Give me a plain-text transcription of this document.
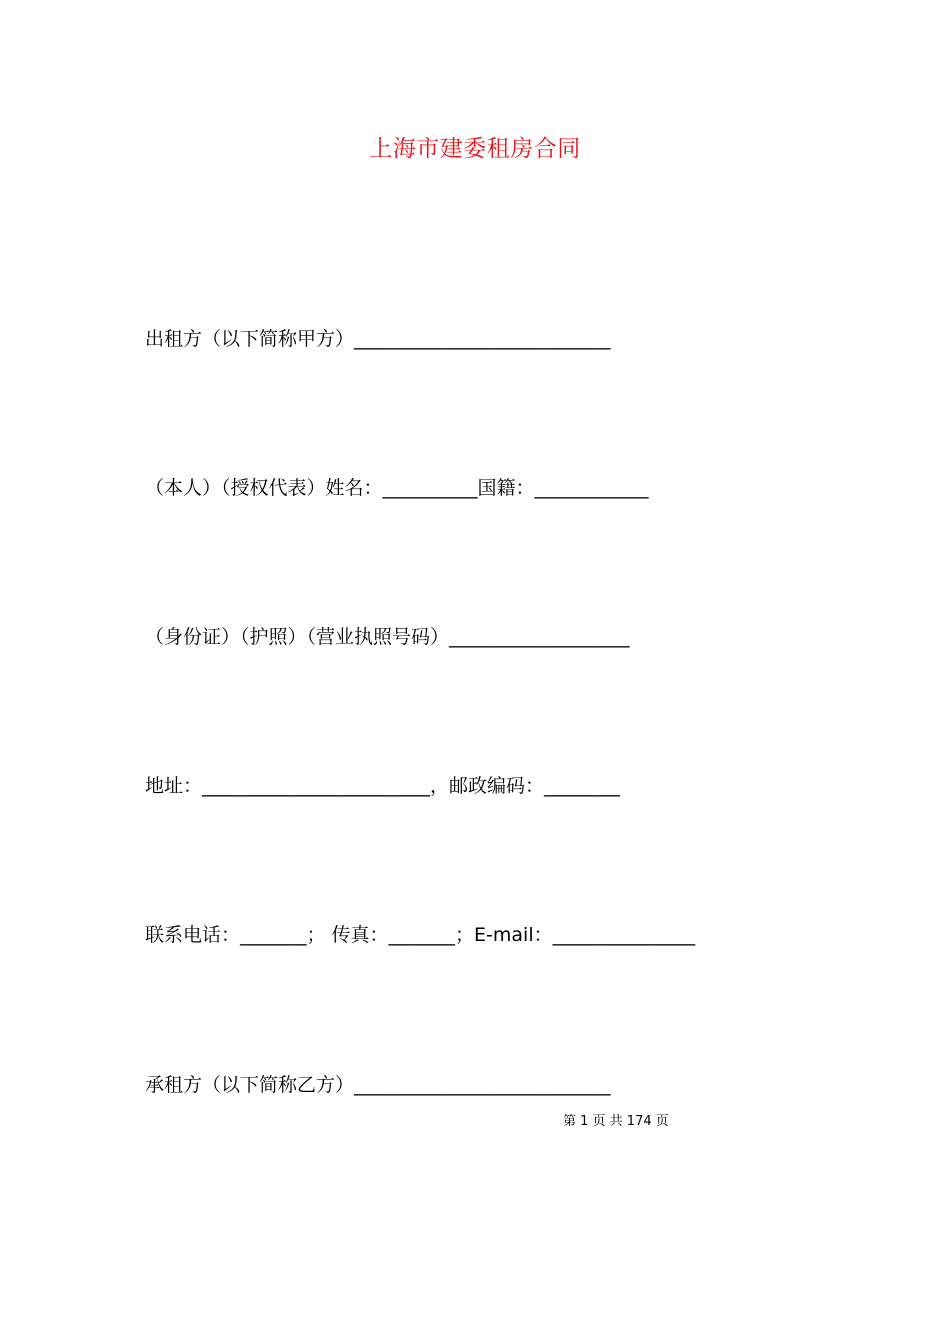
上海市建委租房合同
出租方（以下简称甲方）___________________________
（本人）（授权代表）姓名：__________国籍：____________
（身份证）（护照）（营业执照号码）___________________
地址：________________________，邮政编码：________
联系电话：_______； 传真：_______；E-mail：_______________
承租方（以下简称乙方）___________________________
第 1 页 共 174 页
